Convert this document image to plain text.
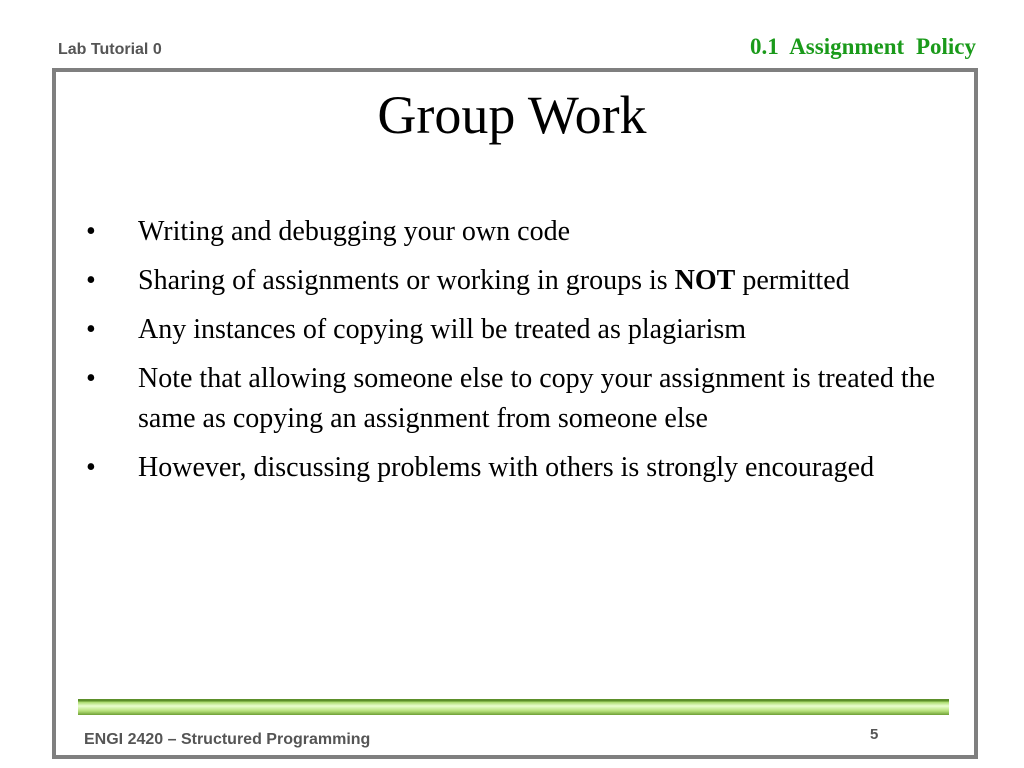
Lab Tutorial 0	0.1 Assignment Policy
Group Work
• Writing and debugging your own code
• Sharing of assignments or working in groups is NOT permitted
• Any instances of copying will be treated as plagiarism
• Note that allowing someone else to copy your assignment is treated the same as copying an assignment from someone else
• However, discussing problems with others is strongly encouraged
ENGI 2420 – Structured Programming	5
